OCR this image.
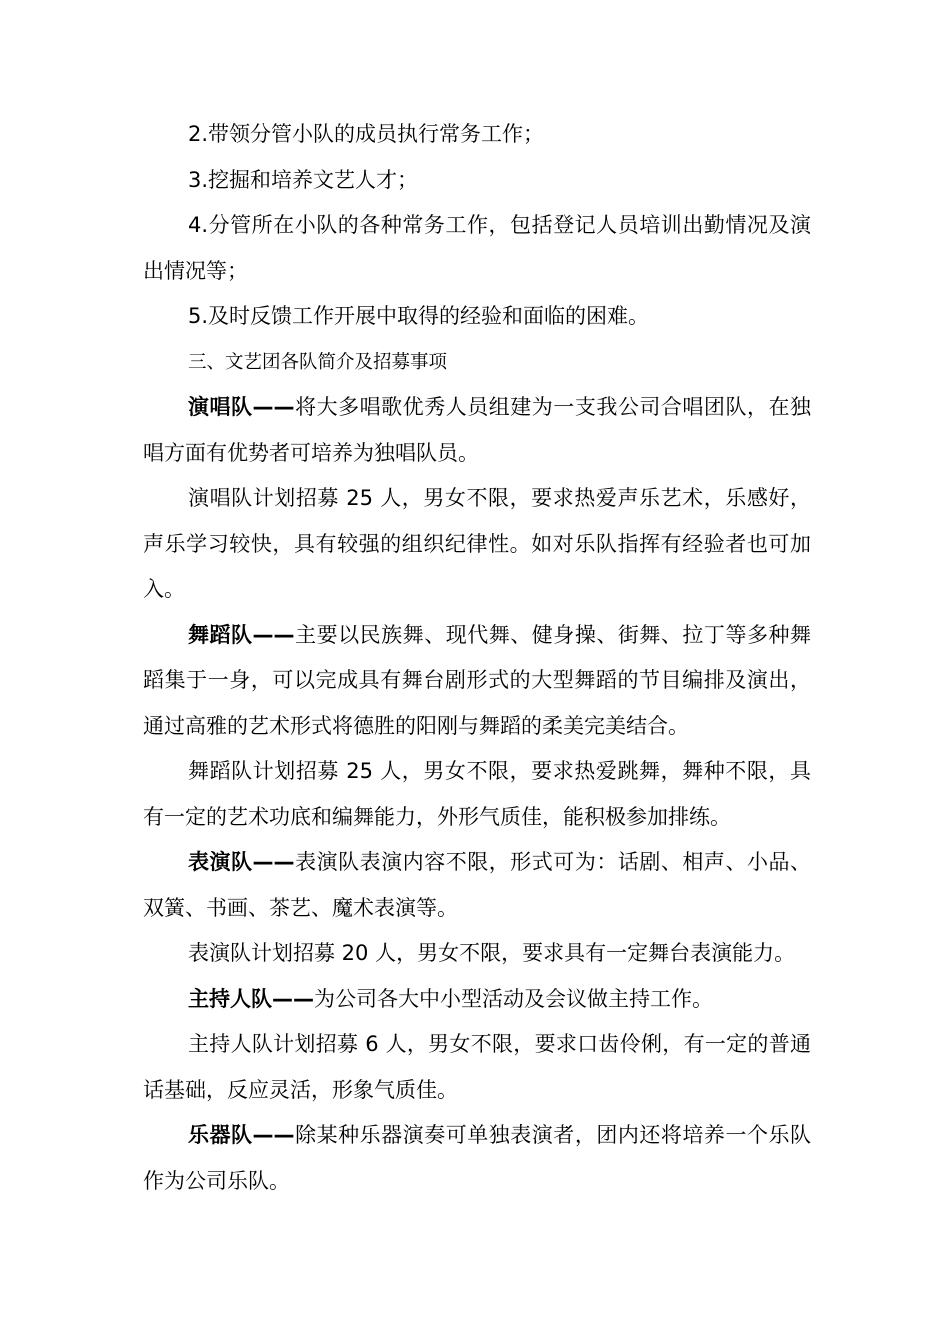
2.带领分管小队的成员执行常务工作；

3.挖掘和培养文艺人才；

4.分管所在小队的各种常务工作，包括登记人员培训出勤情况及演出情况等；

5.及时反馈工作开展中取得的经验和面临的困难。

三、文艺团各队简介及招募事项

演唱队——将大多唱歌优秀人员组建为一支我公司合唱团队，在独唱方面有优势者可培养为独唱队员。

演唱队计划招募 25 人，男女不限，要求热爱声乐艺术，乐感好，声乐学习较快，具有较强的组织纪律性。如对乐队指挥有经验者也可加入。

舞蹈队——主要以民族舞、现代舞、健身操、街舞、拉丁等多种舞蹈集于一身，可以完成具有舞台剧形式的大型舞蹈的节目编排及演出，通过高雅的艺术形式将德胜的阳刚与舞蹈的柔美完美结合。

舞蹈队计划招募 25 人，男女不限，要求热爱跳舞，舞种不限，具有一定的艺术功底和编舞能力，外形气质佳，能积极参加排练。

表演队——表演队表演内容不限，形式可为：话剧、相声、小品、双簧、书画、茶艺、魔术表演等。

表演队计划招募 20 人，男女不限，要求具有一定舞台表演能力。

主持人队——为公司各大中小型活动及会议做主持工作。

主持人队计划招募 6 人，男女不限，要求口齿伶俐，有一定的普通话基础，反应灵活，形象气质佳。

乐器队——除某种乐器演奏可单独表演者，团内还将培养一个乐队作为公司乐队。
